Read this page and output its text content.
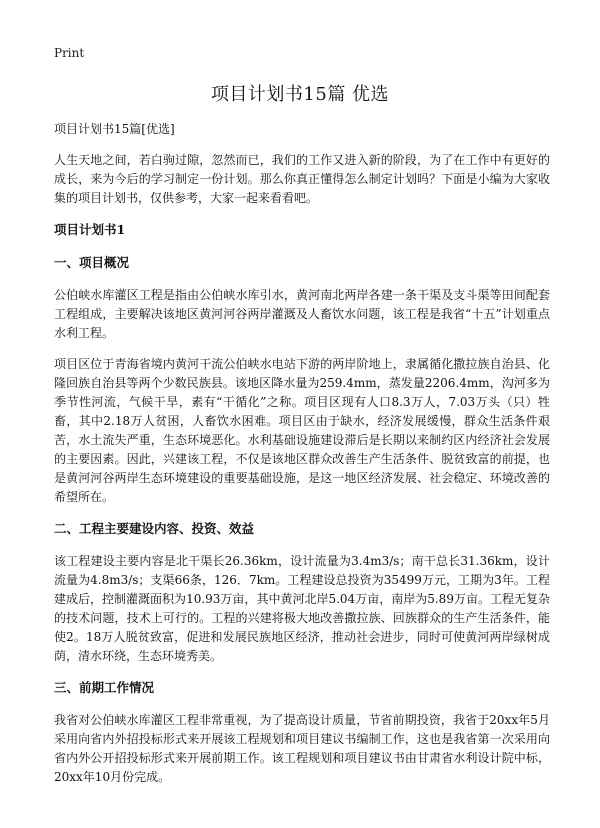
Print
项目计划书15篇 优选

项目计划书15篇[优选]

人生天地之间，若白驹过隙，忽然而已，我们的工作又进入新的阶段，为了在工作中有更好的成长，来为今后的学习制定一份计划。那么你真正懂得怎么制定计划吗？下面是小编为大家收集的项目计划书，仅供参考，大家一起来看看吧。

项目计划书1
一、项目概况

公伯峡水库灌区工程是指由公伯峡水库引水，黄河南北两岸各建一条干渠及支斗渠等田间配套工程组成，主要解决该地区黄河河谷两岸灌溉及人畜饮水问题，该工程是我省“十五”计划重点水利工程。

项目区位于青海省境内黄河干流公伯峡水电站下游的两岸阶地上，隶属循化撒拉族自治县、化隆回族自治县等两个少数民族县。该地区降水量为259.4mm，蒸发量2206.4mm，沟河多为季节性河流，气候干旱，素有“干循化”之称。项目区现有人口8.3万人，7.03万头（只）牲畜，其中2.18万人贫困，人畜饮水困难。项目区由于缺水，经济发展缓慢，群众生活条件艰苦，水土流失严重，生态环境恶化。水利基础设施建设滞后是长期以来制约区内经济社会发展的主要因素。因此，兴建该工程，不仅是该地区群众改善生产生活条件、脱贫致富的前提，也是黄河河谷两岸生态环境建设的重要基础设施，是这一地区经济发展、社会稳定、环境改善的希望所在。

二、工程主要建设内容、投资、效益

该工程建设主要内容是北干渠长26.36km，设计流量为3.4m3/s；南干总长31.36km，设计流量为4.8m3/s；支渠66条，126．7km。工程建设总投资为35499万元，工期为3年。工程建成后，控制灌溉面积为10.93万亩，其中黄河北岸5.04万亩，南岸为5.89万亩。工程无复杂的技术问题，技术上可行的。工程的兴建将极大地改善撒拉族、回族群众的生产生活条件，能使2。18万人脱贫致富，促进和发展民族地区经济，推动社会进步，同时可使黄河两岸绿树成荫，清水环绕，生态环境秀美。

三、前期工作情况

我省对公伯峡水库灌区工程非常重视，为了提高设计质量，节省前期投资，我省于20xx年5月采用向省内外招投标形式来开展该工程规划和项目建议书编制工作，这也是我省第一次采用向省内外公开招投标形式来开展前期工作。该工程规划和项目建议书由甘肃省水利设计院中标，20xx年10月份完成。
